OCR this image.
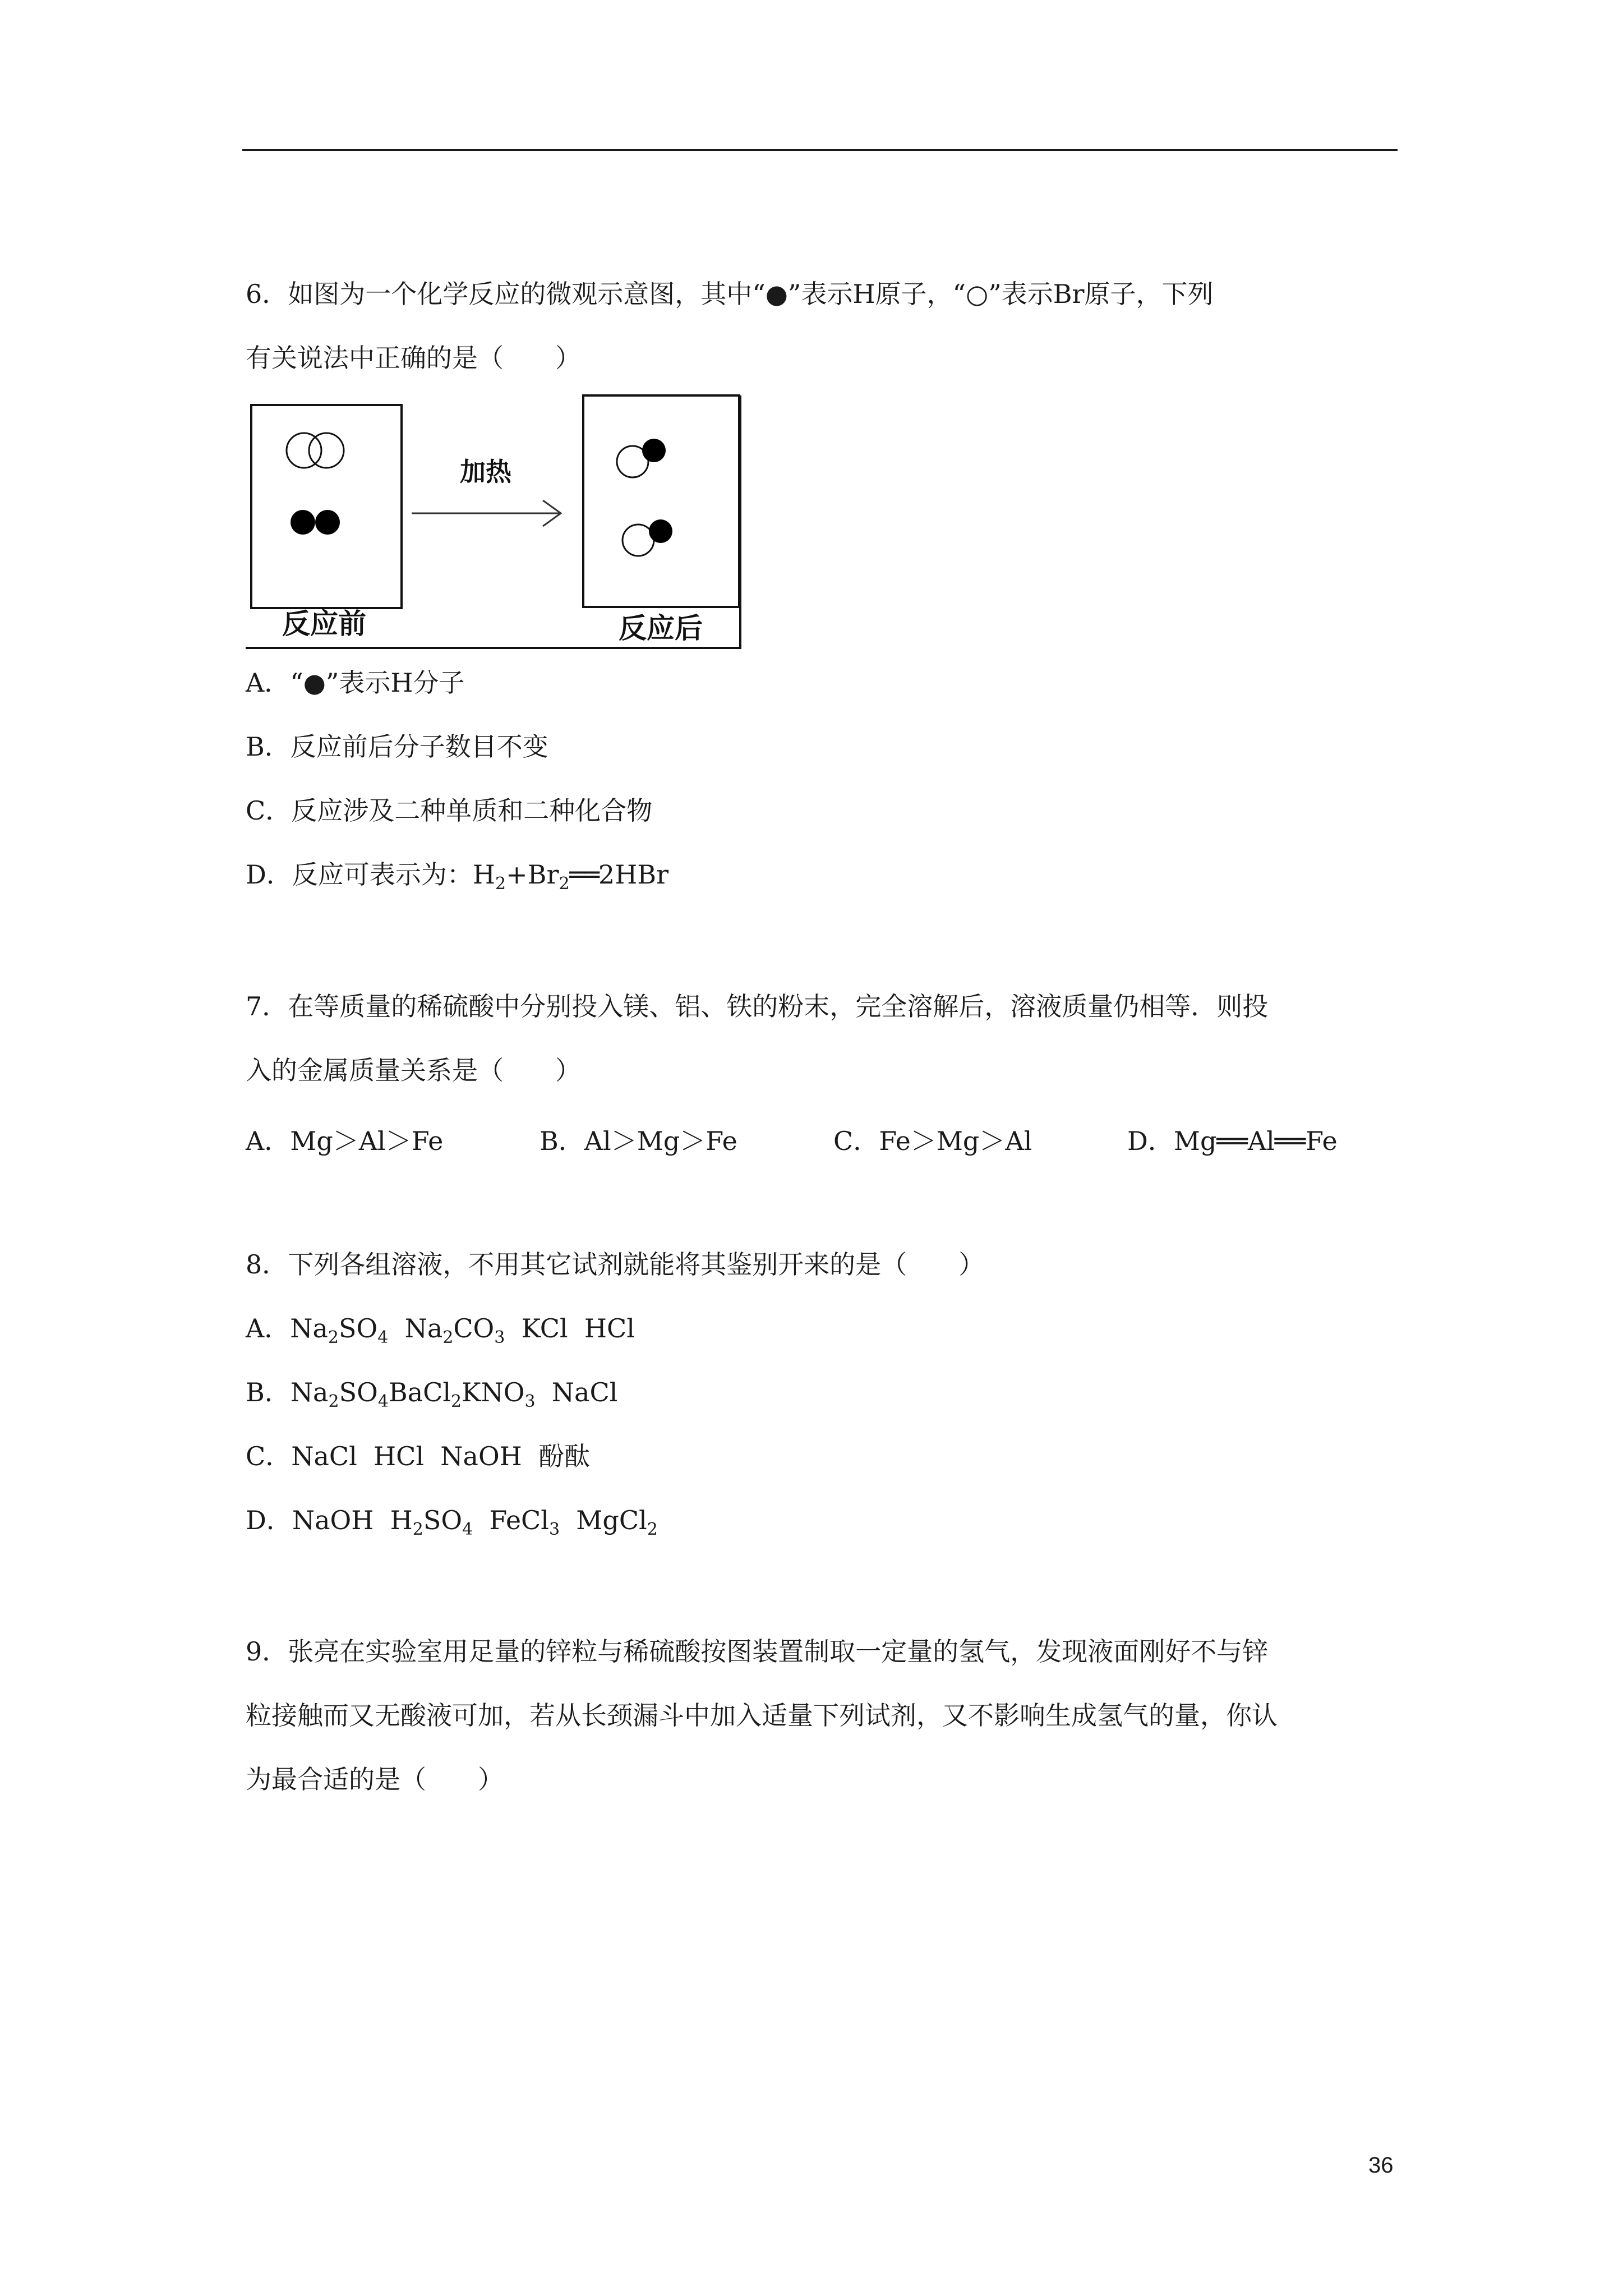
6．如图为一个化学反应的微观示意图，其中“●”表示H原子，“○”表示Br原子，下列
有关说法中正确的是（　　）
加热
反应前	反应后
A．“●”表示H分子
B．反应前后分子数目不变
C．反应涉及二种单质和二种化合物
D．反应可表示为：$H_2+Br_2══2HBr$
7．在等质量的稀硫酸中分别投入镁、铝、铁的粉末，完全溶解后，溶液质量仍相等．则投
入的金属质量关系是（　　）
A．Mg＞Al＞Fe	B．Al＞Mg＞Fe	C．Fe＞Mg＞Al	D．Mg══Al══Fe
8．下列各组溶液，不用其它试剂就能将其鉴别开来的是（　　）
A．$Na_2SO_4$  $Na_2CO_3$  KCl  HCl
B．$Na_2SO_4BaCl_2KNO_3$  NaCl
C．NaCl  HCl  NaOH  酚酞
D．NaOH  $H_2SO_4$  FeCl$_3$  MgCl$_2$
9．张亮在实验室用足量的锌粒与稀硫酸按图装置制取一定量的氢气，发现液面刚好不与锌
粒接触而又无酸液可加，若从长颈漏斗中加入适量下列试剂，又不影响生成氢气的量，你认
为最合适的是（　　）
36
